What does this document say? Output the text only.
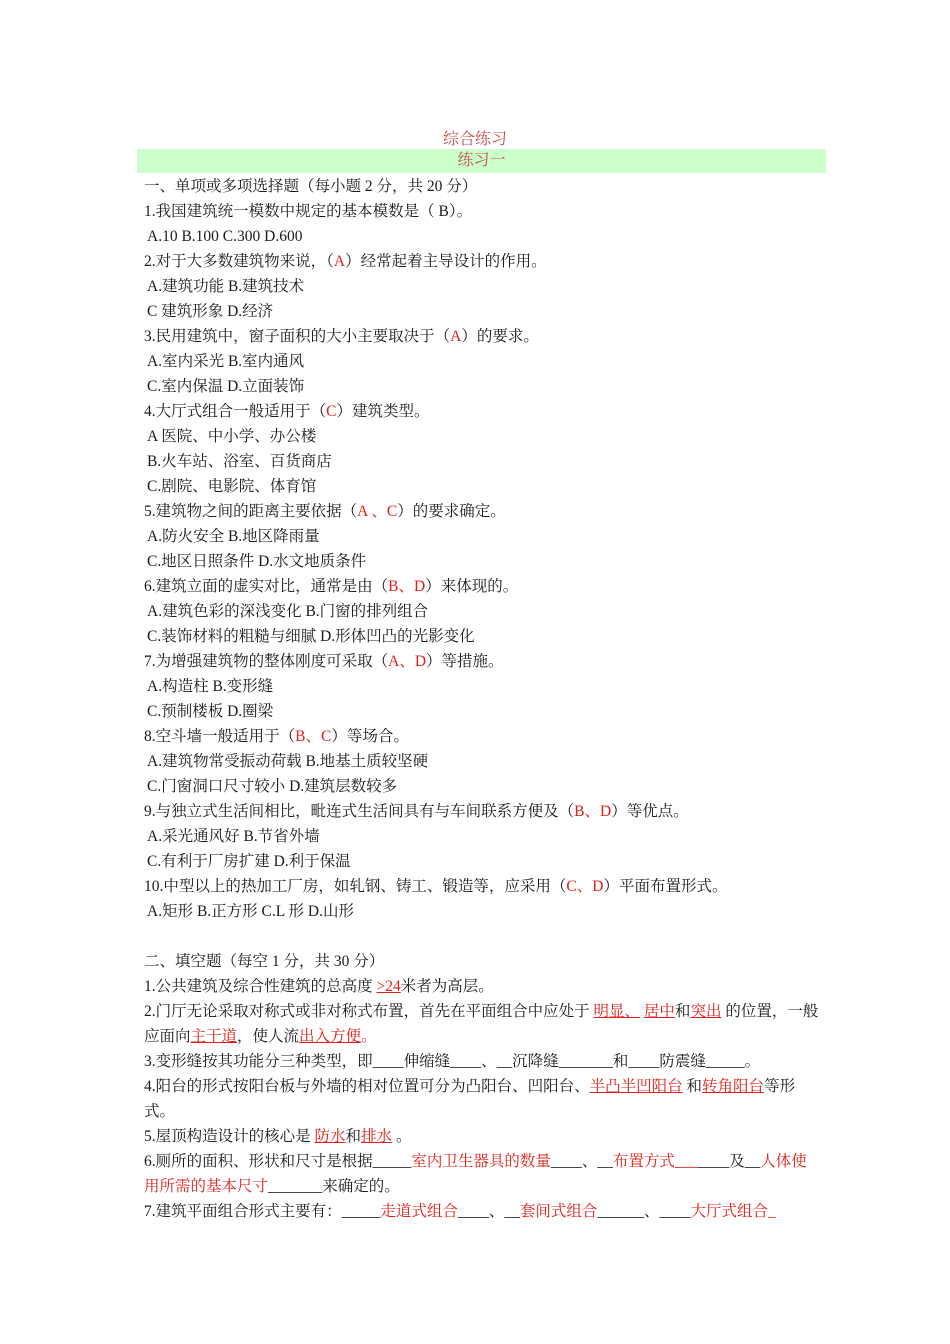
综合练习
练习一
一、单项或多项选择题（每小题 2 分，共 20 分）
1.我国建筑统一模数中规定的基本模数是（ B）。
A.10 B.100 C.300 D.600
2.对于大多数建筑物来说，（A）经常起着主导设计的作用。
A.建筑功能 B.建筑技术
C 建筑形象 D.经济
3.民用建筑中，窗子面积的大小主要取决于（A）的要求。
A.室内采光 B.室内通风
C.室内保温 D.立面装饰
4.大厅式组合一般适用于（C）建筑类型。
A 医院、中小学、办公楼
B.火车站、浴室、百货商店
C.剧院、电影院、体育馆
5.建筑物之间的距离主要依据（A 、C）的要求确定。
A.防火安全 B.地区降雨量
C.地区日照条件 D.水文地质条件
6.建筑立面的虚实对比，通常是由（B、D）来体现的。
A.建筑色彩的深浅变化 B.门窗的排列组合
C.装饰材料的粗糙与细腻 D.形体凹凸的光影变化
7.为增强建筑物的整体刚度可采取（A、D）等措施。
A.构造柱 B.变形缝
C.预制楼板 D.圈梁
8.空斗墙一般适用于（B、C）等场合。
A.建筑物常受振动荷载 B.地基土质较坚硬
C.门窗洞口尺寸较小 D.建筑层数较多
9.与独立式生活间相比，毗连式生活间具有与车间联系方便及（B、D）等优点。
A.采光通风好 B.节省外墙
C.有利于厂房扩建 D.利于保温
10.中型以上的热加工厂房，如轧钢、铸工、锻造等，应采用（C、D）平面布置形式。
A.矩形 B.正方形 C.L 形 D.山形
二、填空题（每空 1 分，共 30 分）
1.公共建筑及综合性建筑的总高度 >24米者为高层。
2.门厅无论采取对称式或非对称式布置，首先在平面组合中应处于 明显、 居中和突出 的位置，一般应面向主干道，使人流出入方便。
3.变形缝按其功能分三种类型，即____伸缩缝____、__沉降缝_______和____防震缝_____。
4.阳台的形式按阳台板与外墙的相对位置可分为凸阳台、凹阳台、半凸半凹阳台 和转角阳台等形式。
5.屋顶构造设计的核心是 防水和排水 。
6.厕所的面积、形状和尺寸是根据_____室内卫生器具的数量____、__布置方式_______及__人体使用所需的基本尺寸_______来确定的。
7.建筑平面组合形式主要有：_____走道式组合____、__套间式组合______、____大厅式组合_
